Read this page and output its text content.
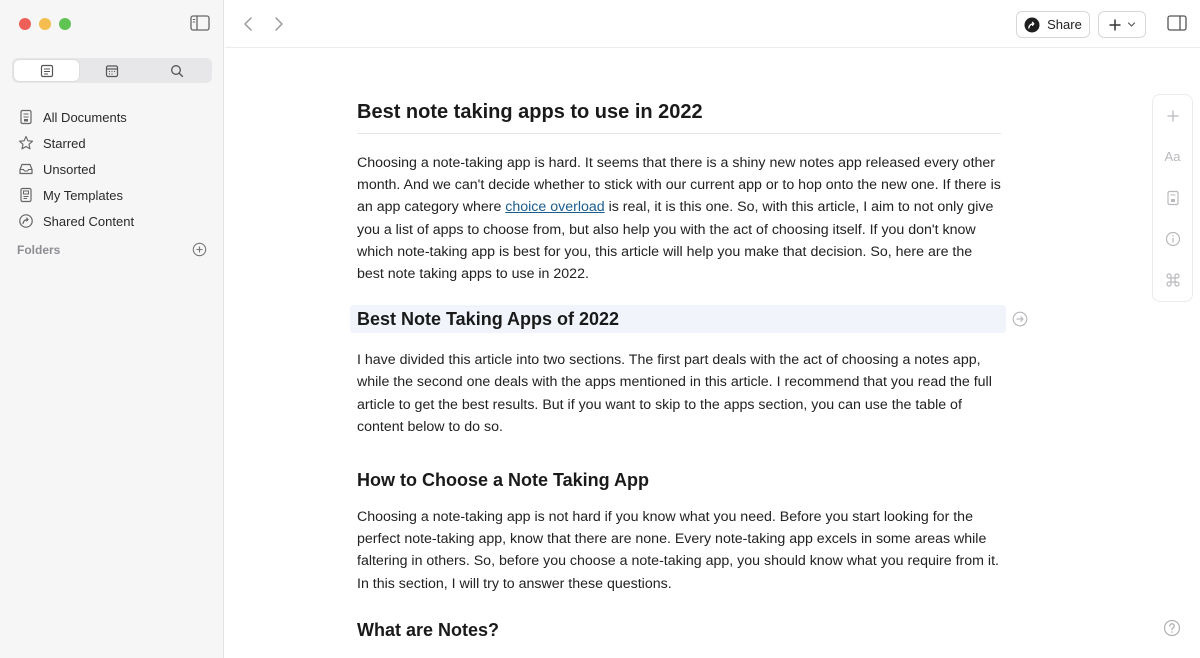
All Documents
Starred
Unsorted
My Templates
Shared Content
Folders
Share
Aa
Best note taking apps to use in 2022

Choosing a note-taking app is hard. It seems that there is a shiny new notes app released every other month. And we can't decide whether to stick with our current app or to hop onto the new one. If there is an app category where choice overload is real, it is this one. So, with this article, I aim to not only give you a list of apps to choose from, but also help you with the act of choosing itself. If you don't know which note-taking app is best for you, this article will help you make that decision. So, here are the best note taking apps to use in 2022.

Best Note Taking Apps of 2022

I have divided this article into two sections. The first part deals with the act of choosing a notes app, while the second one deals with the apps mentioned in this article. I recommend that you read the full article to get the best results. But if you want to skip to the apps section, you can use the table of content below to do so.

How to Choose a Note Taking App

Choosing a note-taking app is not hard if you know what you need. Before you start looking for the perfect note-taking app, know that there are none. Every note-taking app excels in some areas while faltering in others. So, before you choose a note-taking app, you should know what you require from it. In this section, I will try to answer these questions.

What are Notes?
